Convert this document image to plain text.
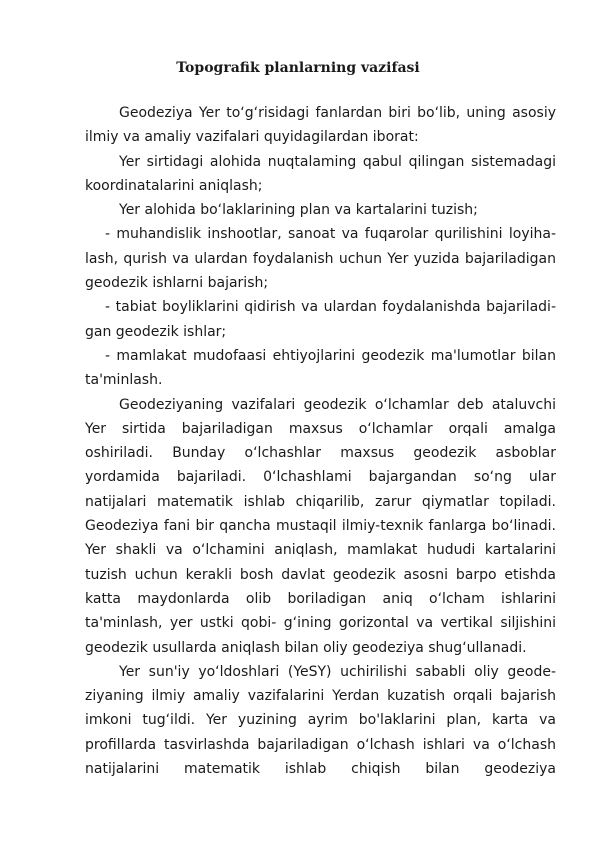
Topografik planlarning vazifasi

Geodeziya Yer to‘g‘risidagi fanlardan biri bo‘lib, uning asosiy ilmiy va amaliy vazifalari quyidagilardan iborat:

Yer sirtidagi alohida nuqtalaming qabul qilingan sistemadagi koordinatalarini aniqlash;

Yer alohida bo‘laklarining plan va kartalarini tuzish;

- muhandislik inshootlar, sanoat va fuqarolar qurilishini loyiha-lash, qurish va ulardan foydalanish uchun Yer yuzida bajariladigan geodezik ishlarni bajarish;

- tabiat boyliklarini qidirish va ulardan foydalanishda bajariladi- gan geodezik ishlar;

- mamlakat mudofaasi ehtiyojlarini geodezik ma'lumotlar bilan ta'minlash.

Geodeziyaning vazifalari geodezik o‘lchamlar deb ataluvchi Yer sirtida bajariladigan maxsus o‘lchamlar orqali amalga oshiriladi. Bunday o‘lchashlar maxsus geodezik asboblar yordamida bajariladi. 0‘lchashlami bajargandan so‘ng ular natijalari matematik ishlab chiqarilib, zarur qiymatlar topiladi. Geodeziya fani bir qancha mustaqil ilmiy-texnik fanlarga bo‘linadi. Yer shakli va o‘lchamini aniqlash, mamlakat hududi kartalarini tuzish uchun kerakli bosh davlat geodezik asosni barpo etishda katta maydonlarda olib boriladigan aniq o‘lcham ishlarini ta'minlash, yer ustki qobi- g‘ining gorizontal va vertikal siljishini geodezik usullarda aniqlash bilan oliy geodeziya shug‘ullanadi.

Yer sun'iy yo‘ldoshlari (YeSY) uchirilishi sababli oliy geode-ziyaning ilmiy amaliy vazifalarini Yerdan kuzatish orqali bajarish imkoni tug‘ildi. Yer yuzining ayrim bo'laklarini plan, karta va profillarda tasvirlashda bajariladigan o‘lchash ishlari va o‘lchash natijalarini matematik ishlab chiqish bilan geodeziya
